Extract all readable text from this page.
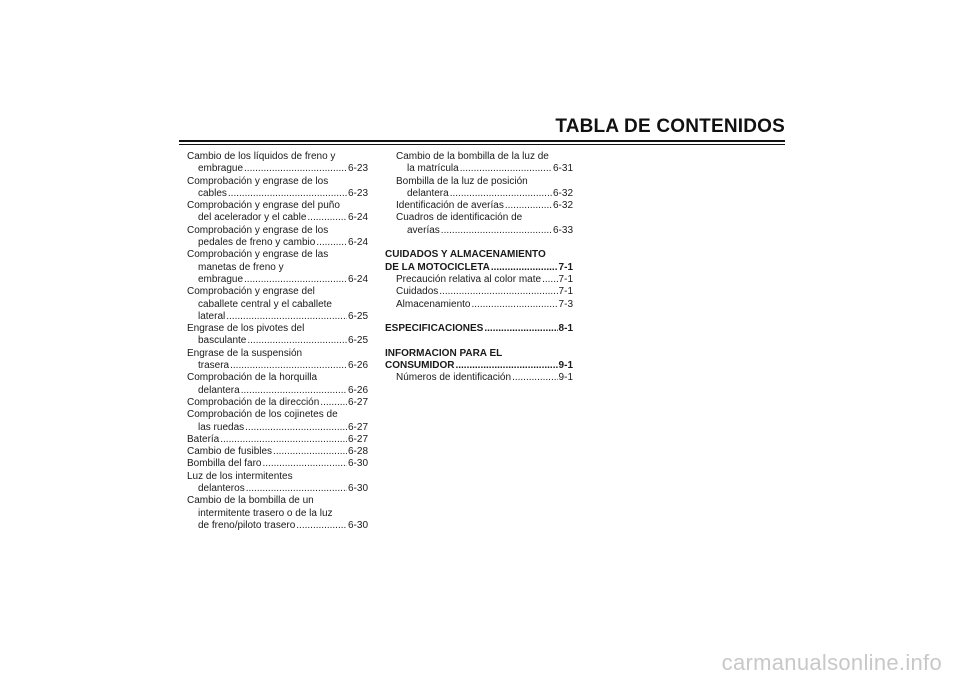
TABLA DE CONTENIDOS
Cambio de los líquidos de freno y
embrague .....	6-23
Comprobación y engrase de los
cables .....	6-23
Comprobación y engrase del puño
del acelerador y el cable .....	6-24
Comprobación y engrase de los
pedales de freno y cambio .....	6-24
Comprobación y engrase de las
manetas de freno y
embrague .....	6-24
Comprobación y engrase del
caballete central y el caballete
lateral .....	6-25
Engrase de los pivotes del
basculante .....	6-25
Engrase de la suspensión
trasera .....	6-26
Comprobación de la horquilla
delantera .....	6-26
Comprobación de la dirección .....	6-27
Comprobación de los cojinetes de
las ruedas .....	6-27
Batería .....	6-27
Cambio de fusibles .....	6-28
Bombilla del faro .....	6-30
Luz de los intermitentes
delanteros .....	6-30
Cambio de la bombilla de un
intermitente trasero o de la luz
de freno/piloto trasero .....	6-30
Cambio de la bombilla de la luz de
la matrícula .....	6-31
Bombilla de la luz de posición
delantera .....	6-32
Identificación de averías .....	6-32
Cuadros de identificación de
averías .....	6-33
CUIDADOS Y ALMACENAMIENTO
DE LA MOTOCICLETA .....	7-1
Precaución relativa al color mate ..... 7-1
Cuidados .....	7-1
Almacenamiento .....	7-3
ESPECIFICACIONES .....	8-1
INFORMACIÓN PARA EL
CONSUMIDOR .....	9-1
Números de identificación .....	9-1
carmanualsonline.info
